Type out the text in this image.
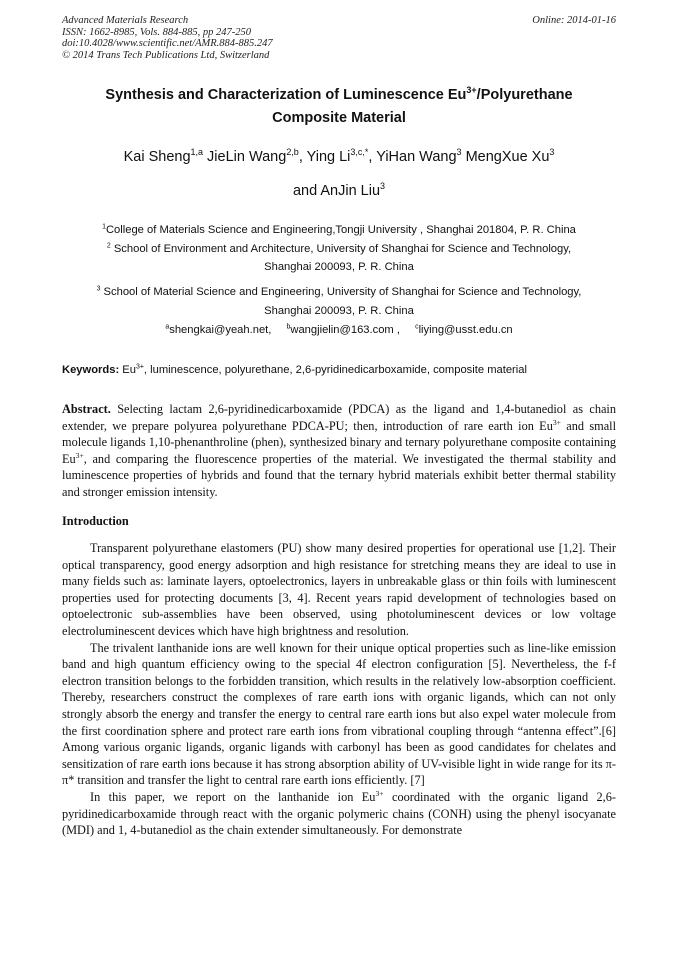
Advanced Materials Research
ISSN: 1662-8985, Vols. 884-885, pp 247-250
doi:10.4028/www.scientific.net/AMR.884-885.247
© 2014 Trans Tech Publications Ltd, Switzerland
Online: 2014-01-16
Synthesis and Characterization of Luminescence $Eu^{3+}$/Polyurethane
Composite Material
Kai Sheng$^{1,a}$ JieLin Wang$^{2,b}$, Ying $Li^{3,c,*}$, YiHan Wang$^3$ MengXue Xu$^3$
and AnJin Liu$^3$
$^1$College of Materials Science and Engineering,Tongji University , Shanghai 201804, P. R. China
$^2$ School of Environment and Architecture, University of Shanghai for Science and Technology,
Shanghai 200093, P. R. China
$^3$ School of Material Science and Engineering, University of Shanghai for Science and Technology,
Shanghai 200093, P. R. China
$^a$shengkai@yeah.net, $^b$wangjielin@163.com , $^c$liying@usst.edu.cn
Keywords: $Eu^{3+}$, luminescence, polyurethane, 2,6-pyridinedicarboxamide, composite material
Abstract. Selecting lactam 2,6-pyridinedicarboxamide (PDCA) as the ligand and 1,4-butanediol as chain extender, we prepare polyurea polyurethane PDCA-PU; then, introduction of rare earth ion $Eu^{3+}$ and small molecule ligands 1,10-phenanthroline (phen), synthesized binary and ternary polyurethane composite containing $Eu^{3+}$, and comparing the fluorescence properties of the material. We investigated the thermal stability and luminescence properties of hybrids and found that the ternary hybrid materials exhibit better thermal stability and stronger emission intensity.
Introduction

Transparent polyurethane elastomers (PU) show many desired properties for operational use [1,2]. Their optical transparency, good energy adsorption and high resistance for stretching means they are ideal to use in many fields such as: laminate layers, optoelectronics, layers in unbreakable glass or thin foils with luminescent properties used for protecting documents [3, 4]. Recent years rapid development of technologies based on optoelectronic sub-assemblies have been observed, using photoluminescent devices or low voltage electroluminescent devices which have high brightness and resolution.

The trivalent lanthanide ions are well known for their unique optical properties such as line-like emission band and high quantum efficiency owing to the special 4f electron configuration [5]. Nevertheless, the f-f electron transition belongs to the forbidden transition, which results in the relatively low-absorption coefficient. Thereby, researchers construct the complexes of rare earth ions with organic ligands, which can not only strongly absorb the energy and transfer the energy to central rare earth ions but also expel water molecule from the first coordination sphere and protect rare earth ions from vibrational coupling through “antenna effect”.[6] Among various organic ligands, organic ligands with carbonyl has been as good candidates for chelates and sensitization of rare earth ions because it has strong absorption ability of UV-visible light in wide range for its π-π* transition and transfer the light to central rare earth ions efficiently. [7]

In this paper, we report on the lanthanide ion $Eu^{3+}$ coordinated with the organic ligand 2,6-pyridinedicarboxamide through react with the organic polymeric chains (CONH) using the phenyl isocyanate (MDI) and 1, 4-butanediol as the chain extender simultaneously. For demonstrate
